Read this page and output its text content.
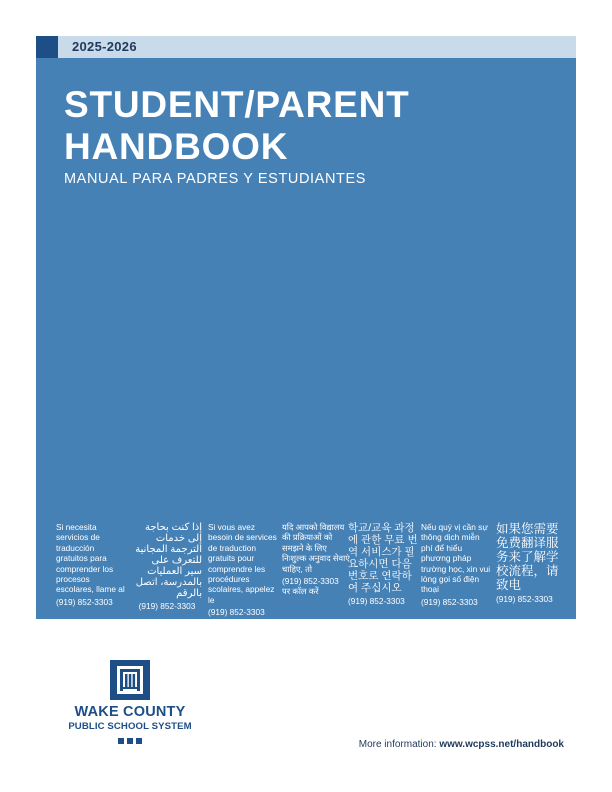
2025-2026
STUDENT/PARENT
HANDBOOK
MANUAL PARA PADRES Y ESTUDIANTES
Si necesita servicios de traducción gratuitos para comprender los procesos escolares, llame al
(919) 852-3303
إذا كنت بحاجة إلى خدمات الترجمة المجانية للتعرف على سير العمليات بالمدرسة، اتصل بالرقم
(919) 852-3303
Si vous avez besoin de services de traduction gratuits pour comprendre les procédures scolaires, appelez le
(919) 852-3303
यदि आपको विद्यालय की प्रक्रियाओं को समझने के लिए निःशुल्क अनुवाद सेवाएं चाहिए, तो
(919) 852-3303
पर कॉल करें
학교/교육 과정에 관한 무료 번역 서비스가 필요하시면 다음 번호로 연락하여 주십시오
(919) 852-3303
Nếu quý vị cần sự thông dịch miễn phí để hiểu phương pháp trường học, xin vui lòng gọi số điện thoại
(919) 852-3303
如果您需要免费翻译服务来了解学校流程，请致电
(919) 852-3303
WAKE COUNTY
PUBLIC SCHOOL SYSTEM
More information: www.wcpss.net/handbook
